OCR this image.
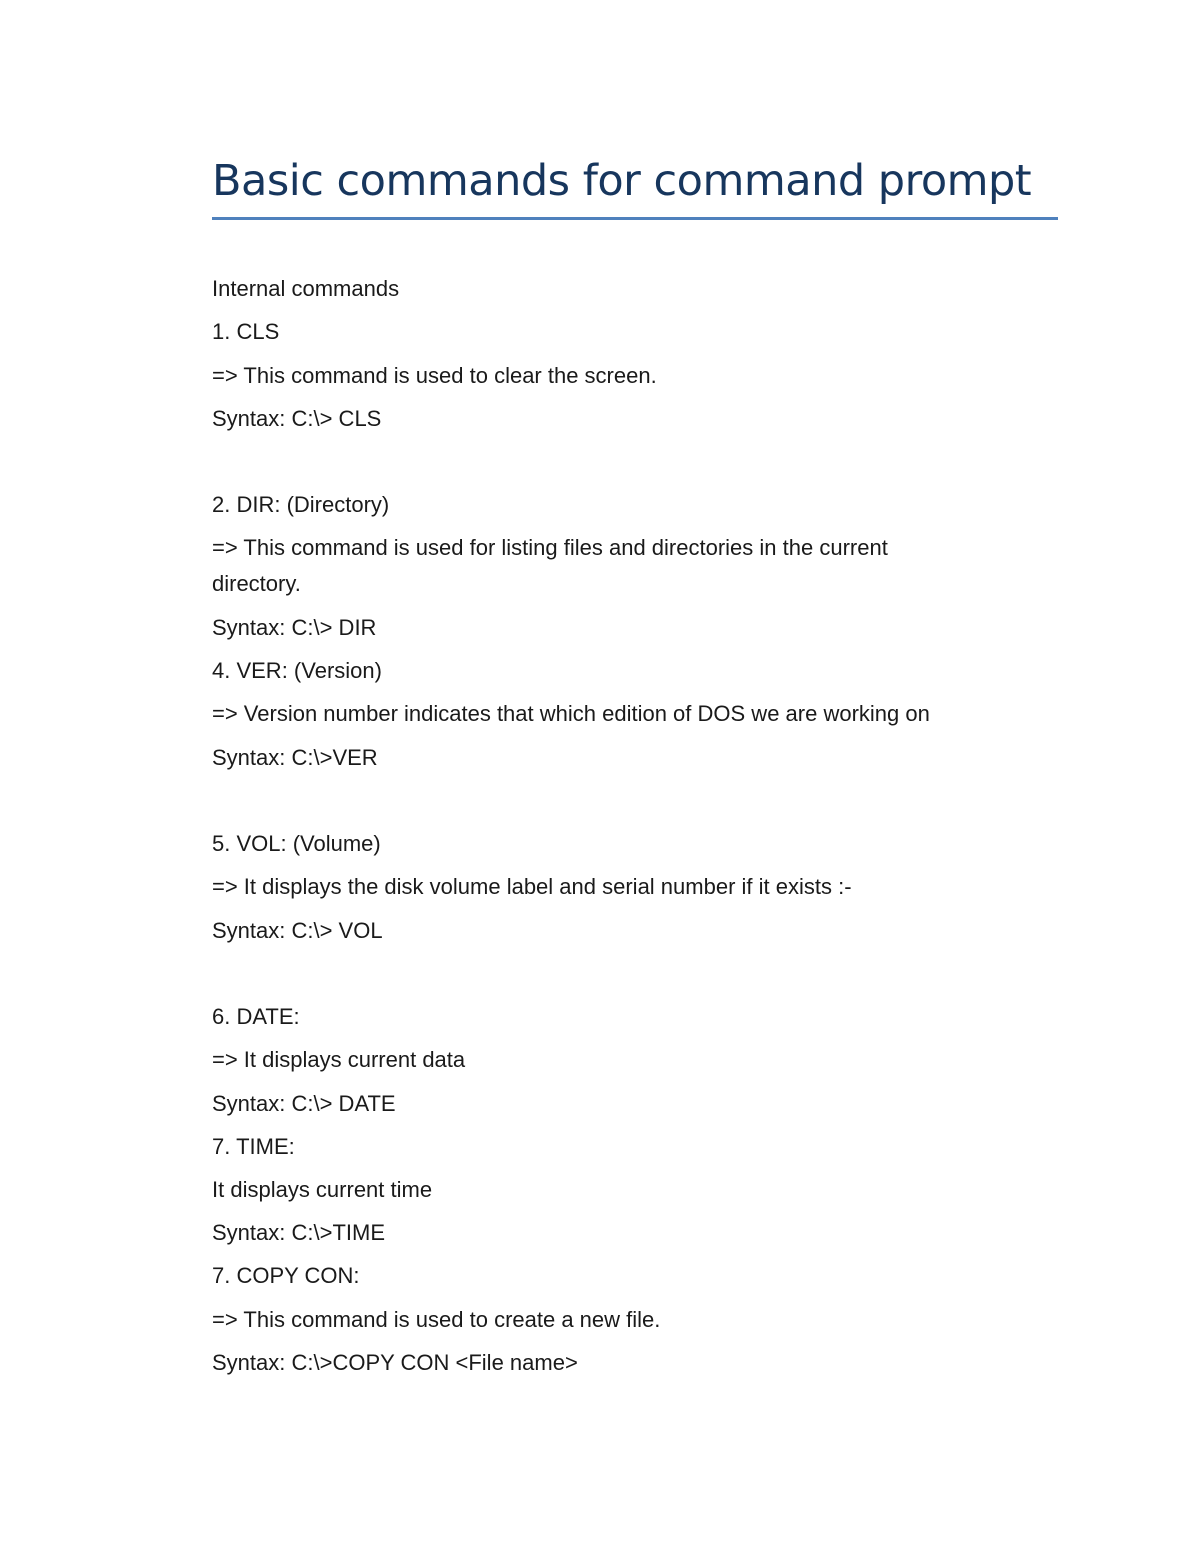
Basic commands for command prompt

Internal commands

1. CLS

=> This command is used to clear the screen.

Syntax: C:\> CLS

2. DIR: (Directory)

=> This command is used for listing files and directories in the current

directory.

Syntax: C:\> DIR

4. VER: (Version)

=> Version number indicates that which edition of DOS we are working on

Syntax: C:\>VER

5. VOL: (Volume)

=> It displays the disk volume label and serial number if it exists :-

Syntax: C:\> VOL

6. DATE:

=> It displays current data

Syntax: C:\> DATE

7. TIME:

It displays current time

Syntax: C:\>TIME

7. COPY CON:

=> This command is used to create a new file.

Syntax: C:\>COPY CON <File name>
